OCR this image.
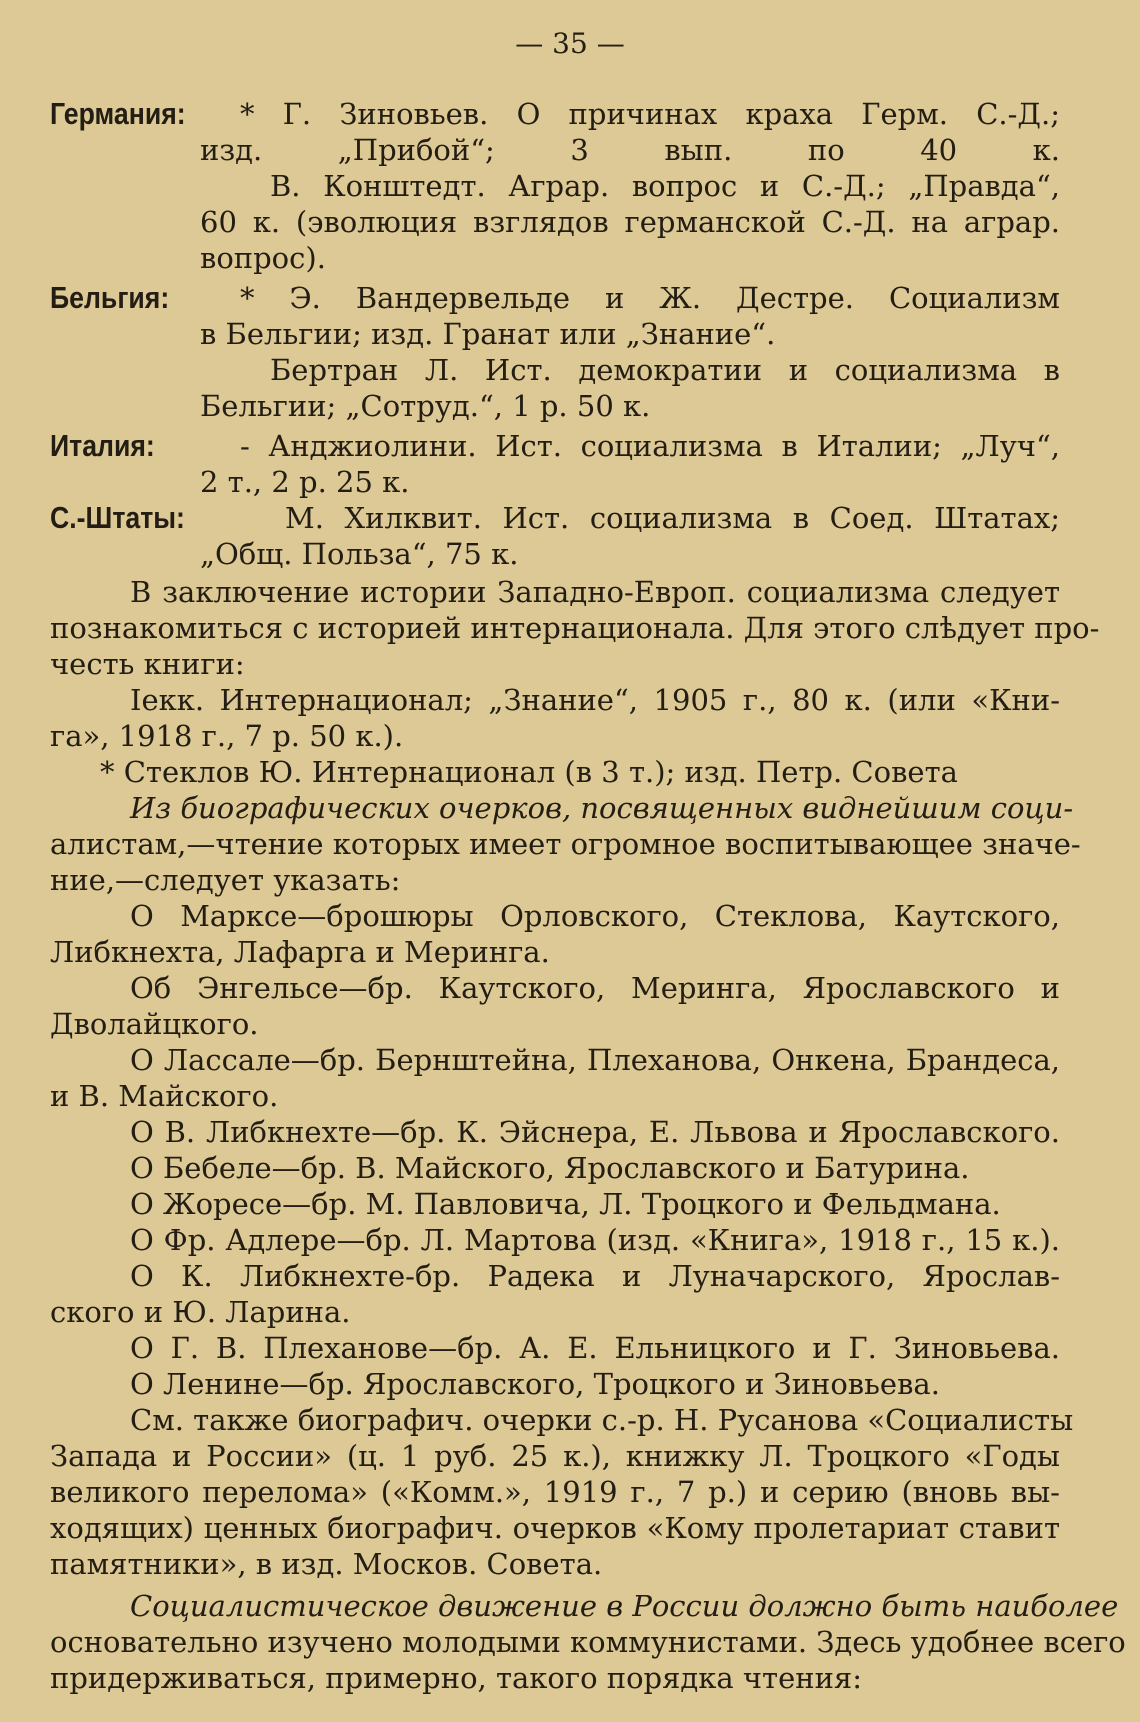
— 35 —
Германия: * Г. Зиновьев. О причинах краха Герм. С.-Д.;
изд. „Прибой“; 3 вып. по 40 к.
В. Конштедт. Аграр. вопрос и С.-Д.; „Правда“,
60 к. (эволюция взглядов германской С.-Д. на аграр.
вопрос).
Бельгия: * Э. Вандервельде и Ж. Дестре. Социализм
в Бельгии; изд. Гранат или „Знание“.
Бертран Л. Ист. демократии и социализма в
Бельгии; „Сотруд.“, 1 р. 50 к.
Италия:	- Анджиолини. Ист. социализма в Италии; „Луч“,
2 т., 2 р. 25 к.
С.-Штаты:	М. Хилквит. Ист. социализма в Соед. Штатах;
„Общ. Польза“, 75 к.
В заключение истории Западно-Европ. социализма следует
познакомиться с историей интернационала. Для этого слѣдует про-
честь книги:
Iекк. Интернационал; „Знание“, 1905 г., 80 к. (или «Кни-
га», 1918 г., 7 р. 50 к.).
* Стеклов Ю. Интернационал (в 3 т.); изд. Петр. Совета
Из биографических очерков, посвященных виднейшим соци-
алистам,—чтение которых имеет огромное воспитывающее значе-
ние,—следует указать:
О Марксе—брошюры Орловского, Стеклова, Каутского,
Либкнехта, Лафарга и Меринга.
Об Энгельсе—бр. Каутского, Меринга, Ярославского и
Дволайцкого.
О Лассале—бр. Бернштейна, Плеханова, Онкена, Брандеса,
и В. Майского.
О В. Либкнехте—бр. К. Эйснера, Е. Львова и Ярославского.
О Бебеле—бр. В. Майского, Ярославского и Батурина.
О Жоресе—бр. М. Павловича, Л. Троцкого и Фельдмана.
О Фр. Адлере—бр. Л. Мартова (изд. «Книга», 1918 г., 15 к.).
О К. Либкнехте-бр. Радека и Луначарского, Ярослав-
ского и Ю. Ларина.
О Г. В. Плеханове—бр. А. Е. Ельницкого и Г. Зиновьева.
О Ленине—бр. Ярославского, Троцкого и Зиновьева.
См. также биографич. очерки с.-р. Н. Русанова «Социалисты
Запада и России» (ц. 1 руб. 25 к.), книжку Л. Троцкого «Годы
великого перелома» («Комм.», 1919 г., 7 р.) и серию (вновь вы-
ходящих) ценных биографич. очерков «Кому пролетариат ставит
памятники», в изд. Москов. Совета.
Социалистическое движение в России должно быть наиболее
основательно изучено молодыми коммунистами. Здесь удобнее всего
придерживаться, примерно, такого порядка чтения:
